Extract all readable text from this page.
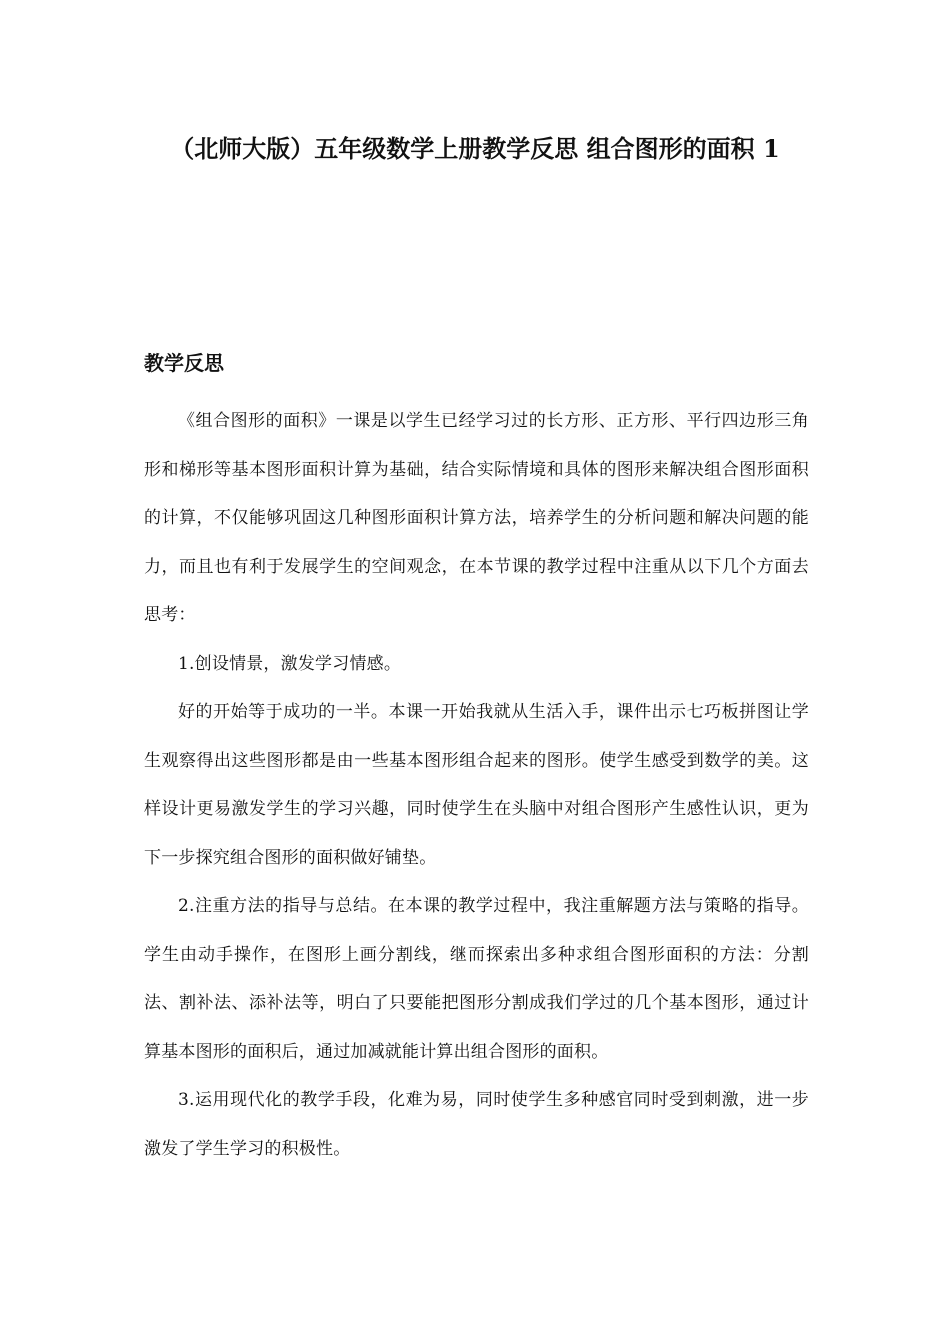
（北师大版）五年级数学上册教学反思 组合图形的面积 1
教学反思

《组合图形的面积》一课是以学生已经学习过的长方形、正方形、平行四边形三角形和梯形等基本图形面积计算为基础，结合实际情境和具体的图形来解决组合图形面积的计算，不仅能够巩固这几种图形面积计算方法，培养学生的分析问题和解决问题的能力，而且也有利于发展学生的空间观念，在本节课的教学过程中注重从以下几个方面去思考：

1.创设情景，激发学习情感。

好的开始等于成功的一半。本课一开始我就从生活入手，课件出示七巧板拼图让学生观察得出这些图形都是由一些基本图形组合起来的图形。使学生感受到数学的美。这样设计更易激发学生的学习兴趣，同时使学生在头脑中对组合图形产生感性认识，更为下一步探究组合图形的面积做好铺垫。

2.注重方法的指导与总结。在本课的教学过程中，我注重解题方法与策略的指导。学生由动手操作，在图形上画分割线，继而探索出多种求组合图形面积的方法：分割法、割补法、添补法等，明白了只要能把图形分割成我们学过的几个基本图形，通过计算基本图形的面积后，通过加减就能计算出组合图形的面积。

3.运用现代化的教学手段，化难为易，同时使学生多种感官同时受到刺激，进一步激发了学生学习的积极性。
